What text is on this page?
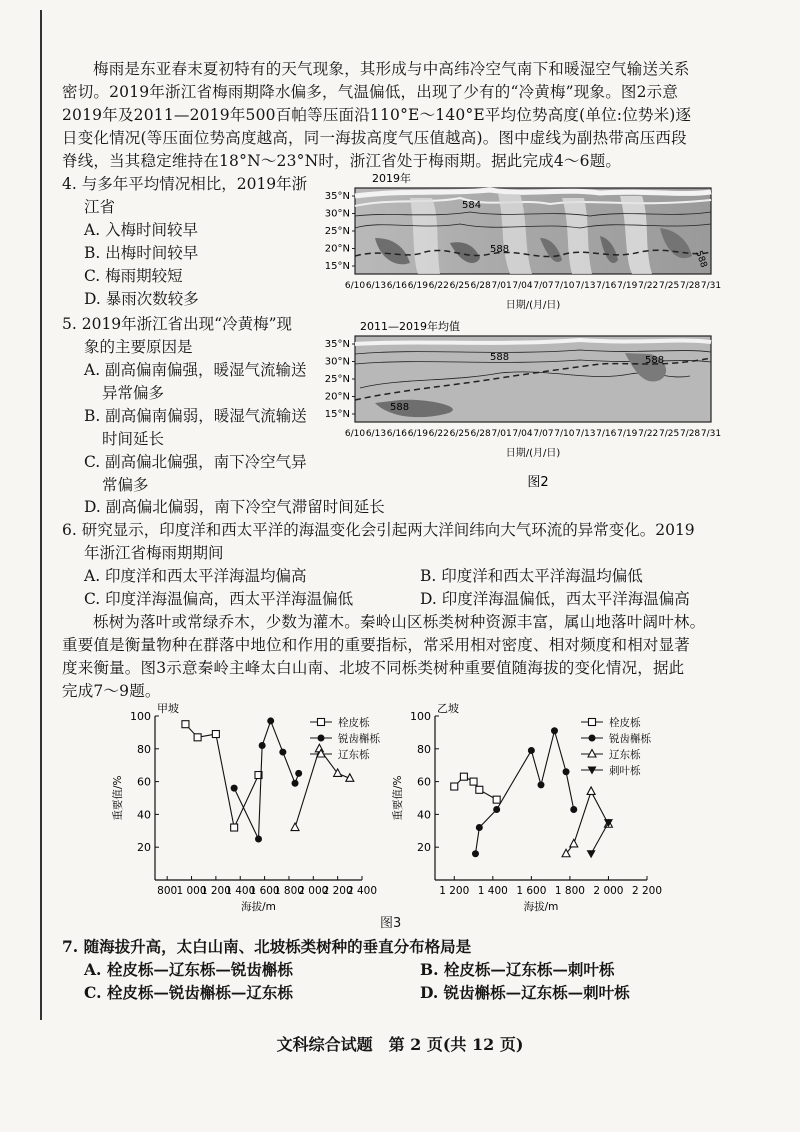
梅雨是东亚春末夏初特有的天气现象，其形成与中高纬冷空气南下和暖湿空气输送关系
密切。2019年浙江省梅雨期降水偏多，气温偏低，出现了少有的“冷黄梅”现象。图2示意
2019年及2011—2019年500百帕等压面沿110°E～140°E平均位势高度(单位:位势米)逐
日变化情况(等压面位势高度越高，同一海拔高度气压值越高)。图中虚线为副热带高压西段
脊线，当其稳定维持在18°N～23°N时，浙江省处于梅雨期。据此完成4～6题。
4. 与多年平均情况相比，2019年浙
江省
A. 入梅时间较早
B. 出梅时间较早
C. 梅雨期较短
D. 暴雨次数较多
5. 2019年浙江省出现“冷黄梅”现
象的主要原因是
A. 副高偏南偏强，暖湿气流输送
异常偏多
B. 副高偏南偏弱，暖湿气流输送
时间延长
C. 副高偏北偏强，南下冷空气异
常偏多
D. 副高偏北偏弱，南下冷空气滞留时间延长
2019年
584
588
588
35°N
30°N
25°N
20°N
15°N
6/10 6/13 6/16 6/19 6/22 6/25 6/28 7/01 7/04 7/07 7/10 7/13 7/16 7/19 7/22 7/25 7/28 7/31
日期/(月/日)
2011—2019年均值
588	588
588
35°N
30°N
25°N
20°N
15°N
6/10 6/13 6/16 6/19 6/22 6/25 6/28 7/01 7/04 7/07 7/10 7/13 7/16 7/19 7/22 7/25 7/28 7/31
日期/(月/日)
图2
6. 研究显示，印度洋和西太平洋的海温变化会引起两大洋间纬向大气环流的异常变化。2019
年浙江省梅雨期期间
A. 印度洋和西太平洋海温均偏高	B. 印度洋和西太平洋海温均偏低
C. 印度洋海温偏高，西太平洋海温偏低	D. 印度洋海温偏低，西太平洋海温偏高
栎树为落叶或常绿乔木，少数为灌木。秦岭山区栎类树种资源丰富，属山地落叶阔叶林。
重要值是衡量物种在群落中地位和作用的重要指标，常采用相对密度、相对频度和相对显著
度来衡量。图3示意秦岭主峰太白山南、北坡不同栎类树种重要值随海拔的变化情况，据此
完成7～9题。
甲坡
20
40
60
80
100
800 1 000
1 200
1 400
1 600
1 800
2 000
2 200
2 400
海拔/m
重要值/%
栓皮栎
锐齿槲栎
辽东栎
乙坡
20
40
60
80
100
1 200 1 400 1 600 1 800 2 000 2 200
海拔/m
重要值/%
栓皮栎
锐齿槲栎
辽东栎
刺叶栎
图3
7. 随海拔升高，太白山南、北坡栎类树种的垂直分布格局是
A. 栓皮栎—辽东栎—锐齿槲栎	B. 栓皮栎—辽东栎—刺叶栎
C. 栓皮栎—锐齿槲栎—辽东栎	D. 锐齿槲栎—辽东栎—刺叶栎
文科综合试题　第 2 页(共 12 页)
